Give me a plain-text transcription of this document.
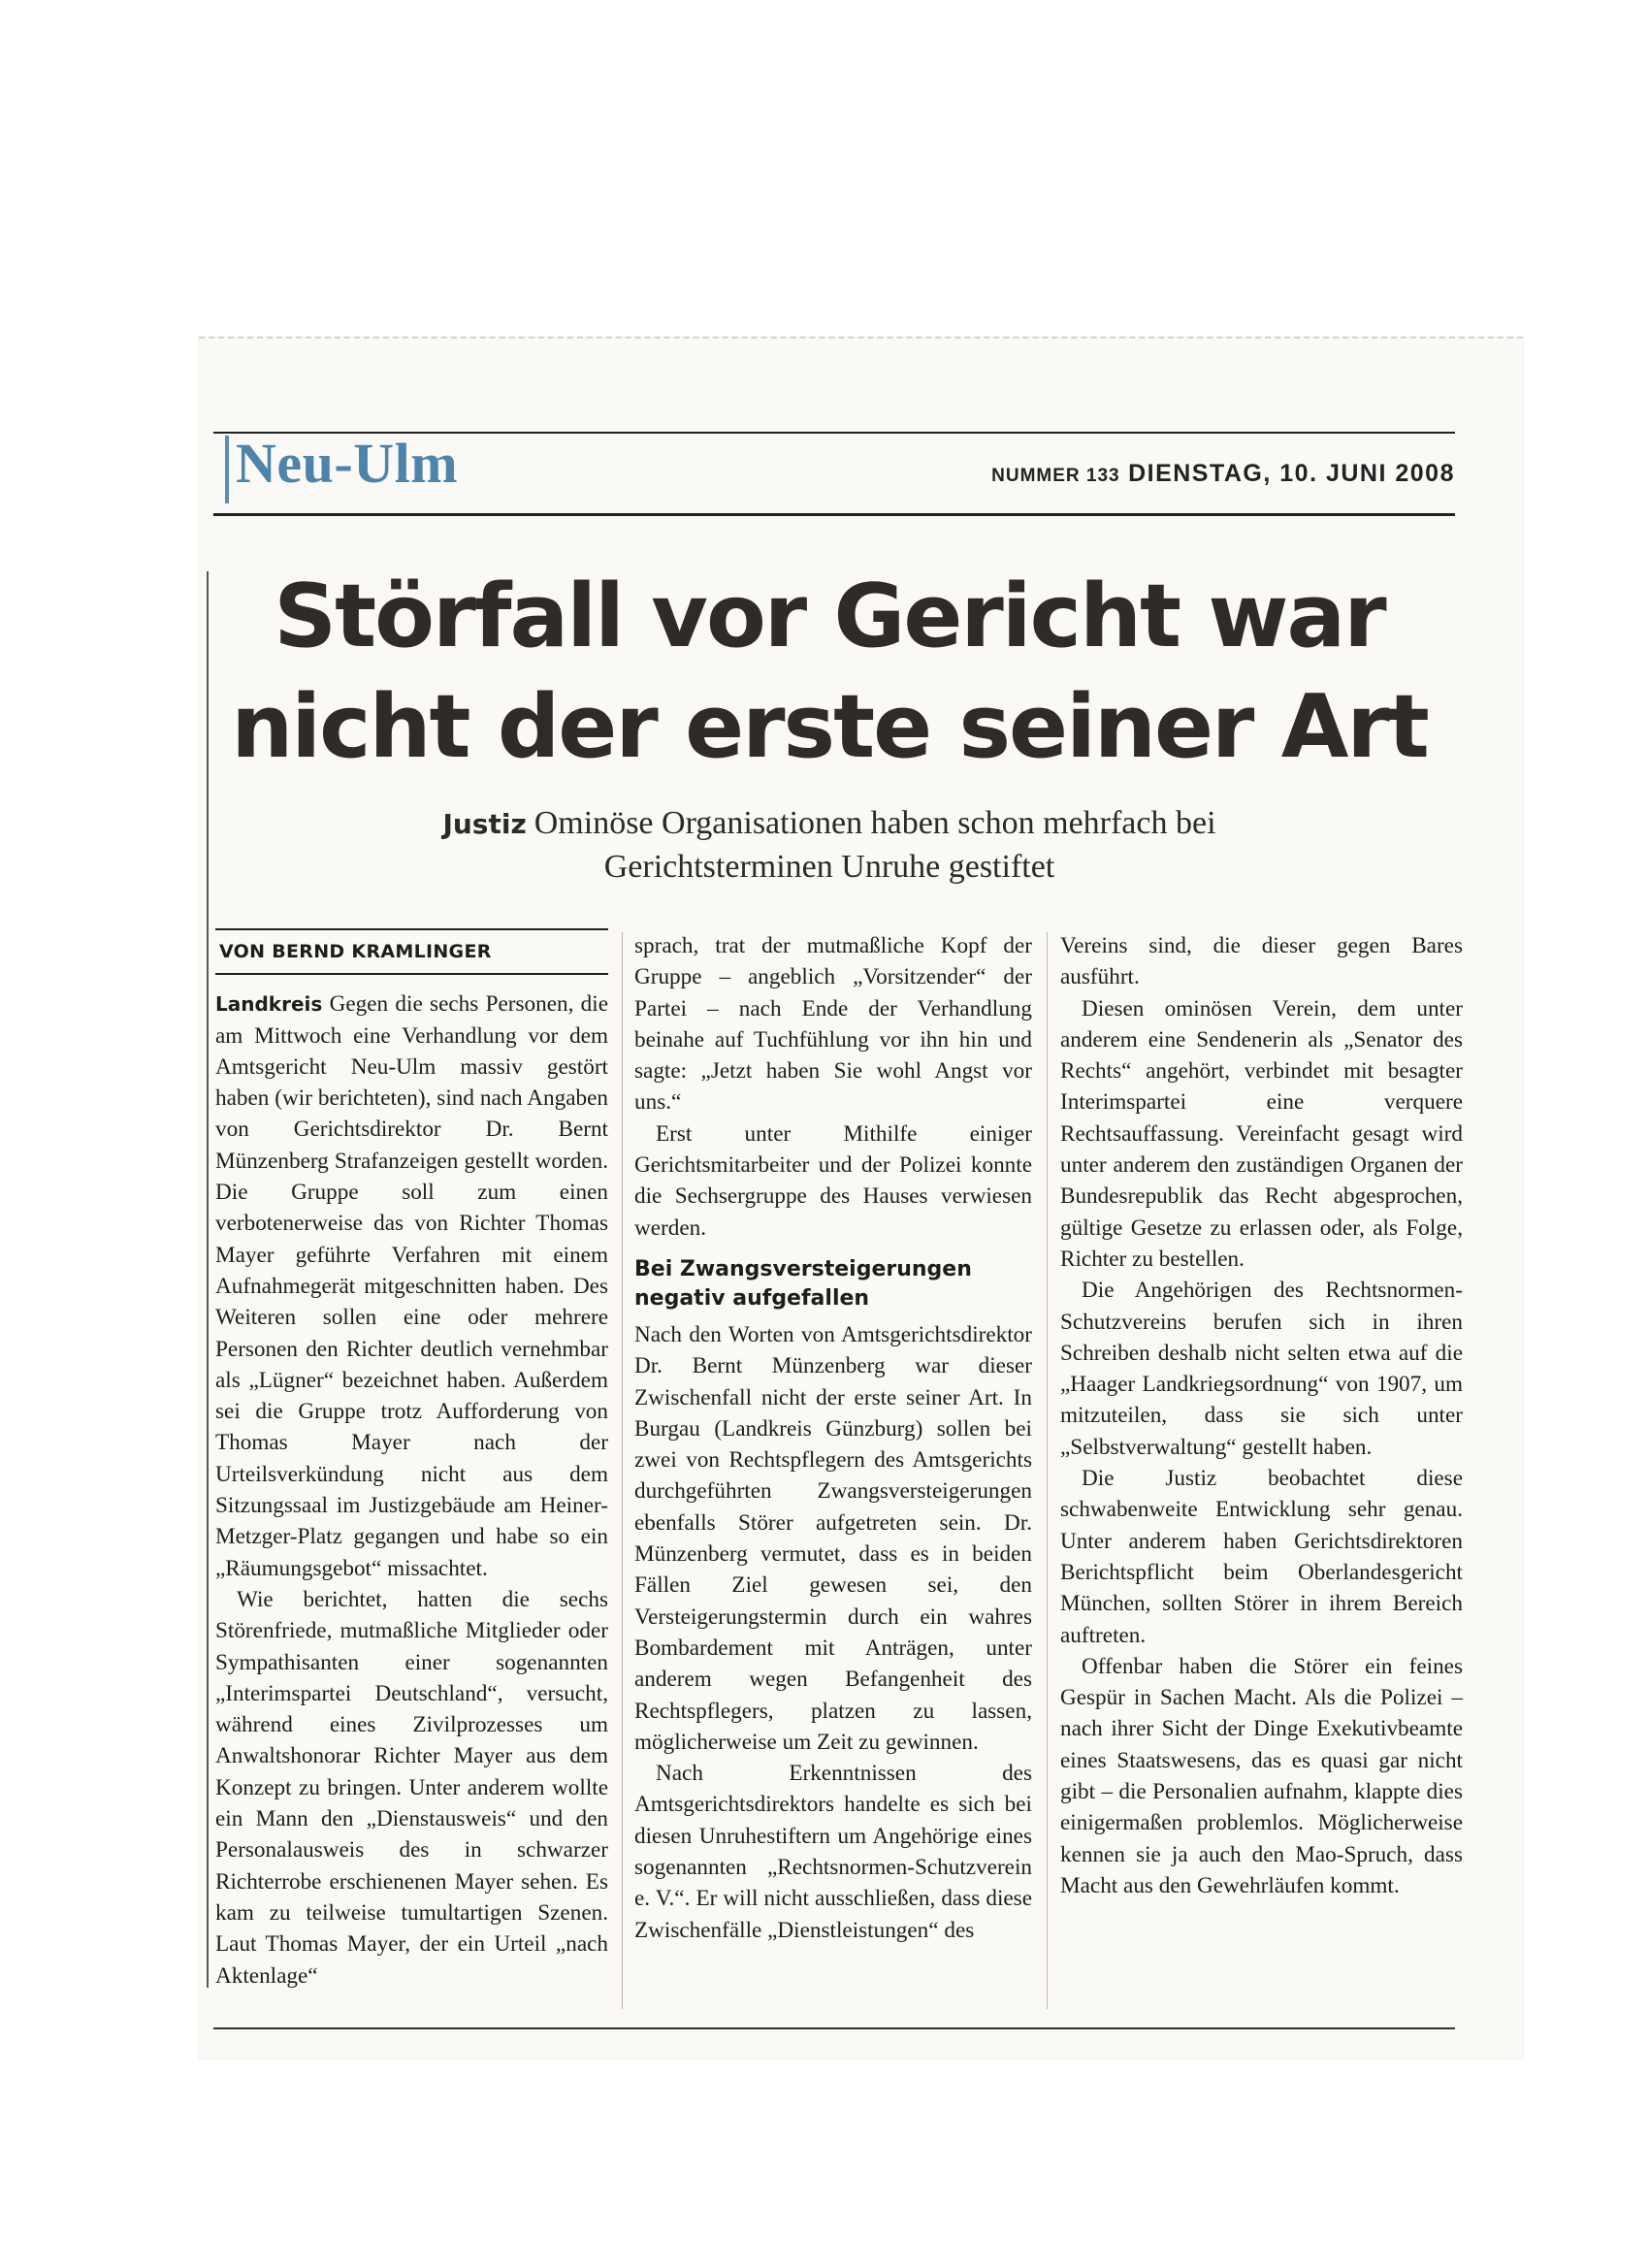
Neu-Ulm	NUMMER 133 DIENSTAG, 10. JUNI 2008
Störfall vor Gericht war
nicht der erste seiner Art
Justiz Ominöse Organisationen haben schon mehrfach bei
Gerichtsterminen Unruhe gestiftet
VON BERND KRAMLINGER

Landkreis Gegen die sechs Personen, die am Mittwoch eine Verhandlung vor dem Amtsgericht Neu-Ulm massiv gestört haben (wir berichteten), sind nach Angaben von Gerichtsdirektor Dr. Bernt Münzenberg Strafanzeigen gestellt worden. Die Gruppe soll zum einen verbotenerweise das von Richter Thomas Mayer geführte Verfahren mit einem Aufnahmegerät mitgeschnitten haben. Des Weiteren sollen eine oder mehrere Personen den Richter deutlich vernehmbar als „Lügner“ bezeichnet haben. Außerdem sei die Gruppe trotz Aufforderung von Thomas Mayer nach der Urteilsverkündung nicht aus dem Sitzungssaal im Justizgebäude am Heiner-Metzger-Platz gegangen und habe so ein „Räumungsgebot“ missachtet.

Wie berichtet, hatten die sechs Störenfriede, mutmaßliche Mitglieder oder Sympathisanten einer sogenannten „Interimspartei Deutschland“, versucht, während eines Zivilprozesses um Anwaltshonorar Richter Mayer aus dem Konzept zu bringen. Unter anderem wollte ein Mann den „Dienstausweis“ und den Personalausweis des in schwarzer Richterrobe erschienenen Mayer sehen. Es kam zu teilweise tumultartigen Szenen. Laut Thomas Mayer, der ein Urteil „nach Aktenlage“

sprach, trat der mutmaßliche Kopf der Gruppe – angeblich „Vorsitzender“ der Partei – nach Ende der Verhandlung beinahe auf Tuchfühlung vor ihn hin und sagte: „Jetzt haben Sie wohl Angst vor uns.“

Erst unter Mithilfe einiger Gerichtsmitarbeiter und der Polizei konnte die Sechsergruppe des Hauses verwiesen werden.

Bei Zwangsversteigerungen negativ aufgefallen

Nach den Worten von Amtsgerichtsdirektor Dr. Bernt Münzenberg war dieser Zwischenfall nicht der erste seiner Art. In Burgau (Landkreis Günzburg) sollen bei zwei von Rechtspflegern des Amtsgerichts durchgeführten Zwangsversteigerungen ebenfalls Störer aufgetreten sein. Dr. Münzenberg vermutet, dass es in beiden Fällen Ziel gewesen sei, den Versteigerungstermin durch ein wahres Bombardement mit Anträgen, unter anderem wegen Befangenheit des Rechtspflegers, platzen zu lassen, möglicherweise um Zeit zu gewinnen.

Nach Erkenntnissen des Amtsgerichtsdirektors handelte es sich bei diesen Unruhestiftern um Angehörige eines sogenannten „Rechtsnormen-Schutzverein e. V.“. Er will nicht ausschließen, dass diese Zwischenfälle „Dienstleistungen“ des

Vereins sind, die dieser gegen Bares ausführt.

Diesen ominösen Verein, dem unter anderem eine Sendenerin als „Senator des Rechts“ angehört, verbindet mit besagter Interimspartei eine verquere Rechtsauffassung. Vereinfacht gesagt wird unter anderem den zuständigen Organen der Bundesrepublik das Recht abgesprochen, gültige Gesetze zu erlassen oder, als Folge, Richter zu bestellen.

Die Angehörigen des Rechtsnormen-Schutzvereins berufen sich in ihren Schreiben deshalb nicht selten etwa auf die „Haager Landkriegsordnung“ von 1907, um mitzuteilen, dass sie sich unter „Selbstverwaltung“ gestellt haben.

Die Justiz beobachtet diese schwabenweite Entwicklung sehr genau. Unter anderem haben Gerichtsdirektoren Berichtspflicht beim Oberlandesgericht München, sollten Störer in ihrem Bereich auftreten.

Offenbar haben die Störer ein feines Gespür in Sachen Macht. Als die Polizei – nach ihrer Sicht der Dinge Exekutivbeamte eines Staatswesens, das es quasi gar nicht gibt – die Personalien aufnahm, klappte dies einigermaßen problemlos. Möglicherweise kennen sie ja auch den Mao-Spruch, dass Macht aus den Gewehrläufen kommt.
